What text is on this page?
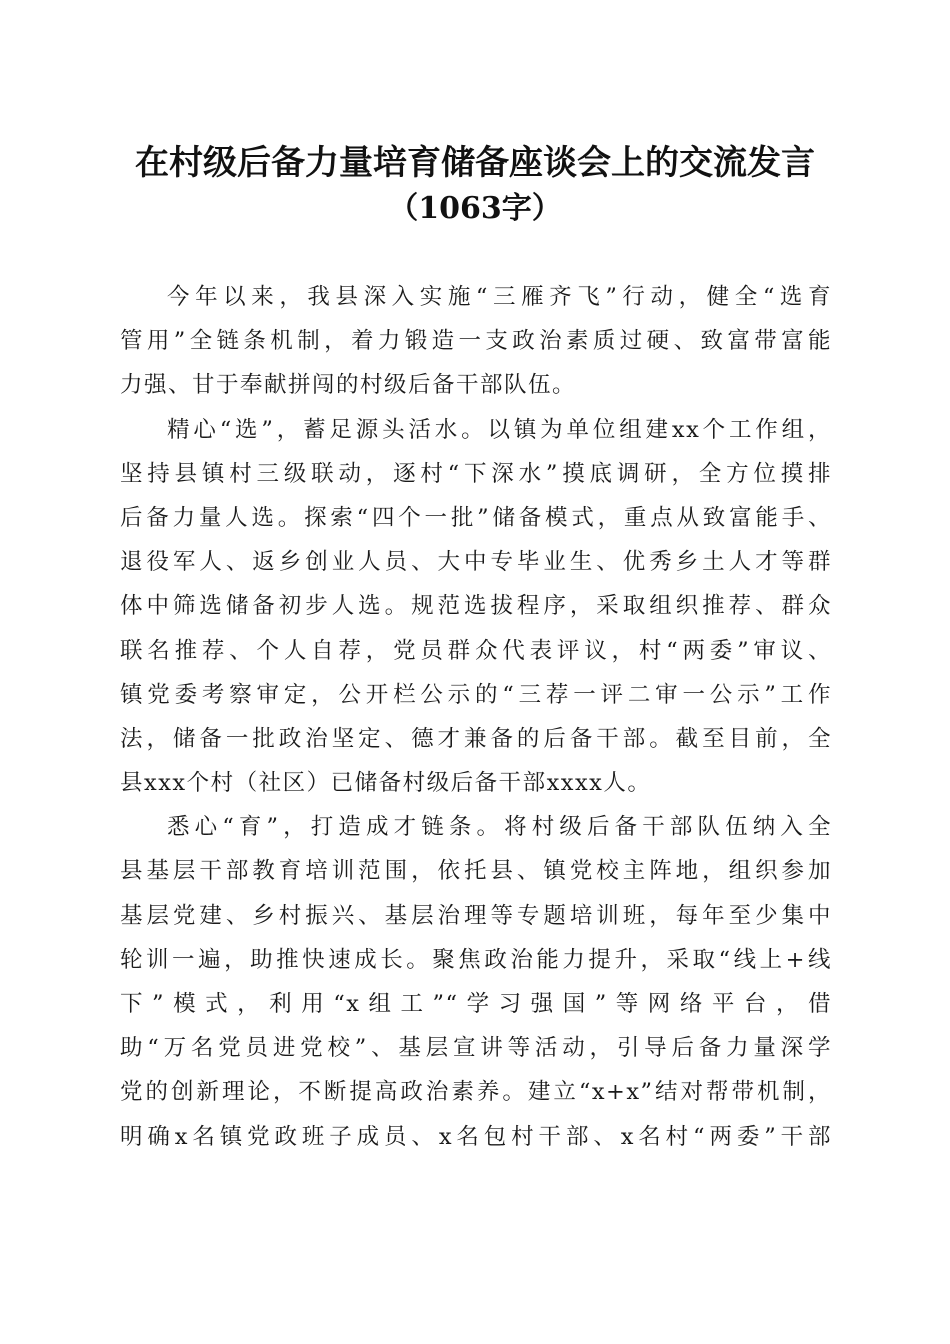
在村级后备力量培育储备座谈会上的交流发言
（1063字）
今年以来，我县深入实施“三雁齐飞”行动，健全“选育
管用”全链条机制，着力锻造一支政治素质过硬、致富带富能
力强、甘于奉献拼闯的村级后备干部队伍。
精心“选”，蓄足源头活水。以镇为单位组建xx个工作组，
坚持县镇村三级联动，逐村“下深水”摸底调研，全方位摸排
后备力量人选。探索“四个一批”储备模式，重点从致富能手、
退役军人、返乡创业人员、大中专毕业生、优秀乡土人才等群
体中筛选储备初步人选。规范选拔程序，采取组织推荐、群众
联名推荐、个人自荐，党员群众代表评议，村“两委”审议、
镇党委考察审定，公开栏公示的“三荐一评二审一公示”工作
法，储备一批政治坚定、德才兼备的后备干部。截至目前，全
县xxx个村（社区）已储备村级后备干部xxxx人。
悉心“育”，打造成才链条。将村级后备干部队伍纳入全
县基层干部教育培训范围，依托县、镇党校主阵地，组织参加
基层党建、乡村振兴、基层治理等专题培训班，每年至少集中
轮训一遍，助推快速成长。聚焦政治能力提升，采取“线上+线
下”模式，利用“x组工”“学习强国”等网络平台，借
助“万名党员进党校”、基层宣讲等活动，引导后备力量深学
党的创新理论，不断提高政治素养。建立“x+x”结对帮带机制，
明确x名镇党政班子成员、x名包村干部、x名村“两委”干部
